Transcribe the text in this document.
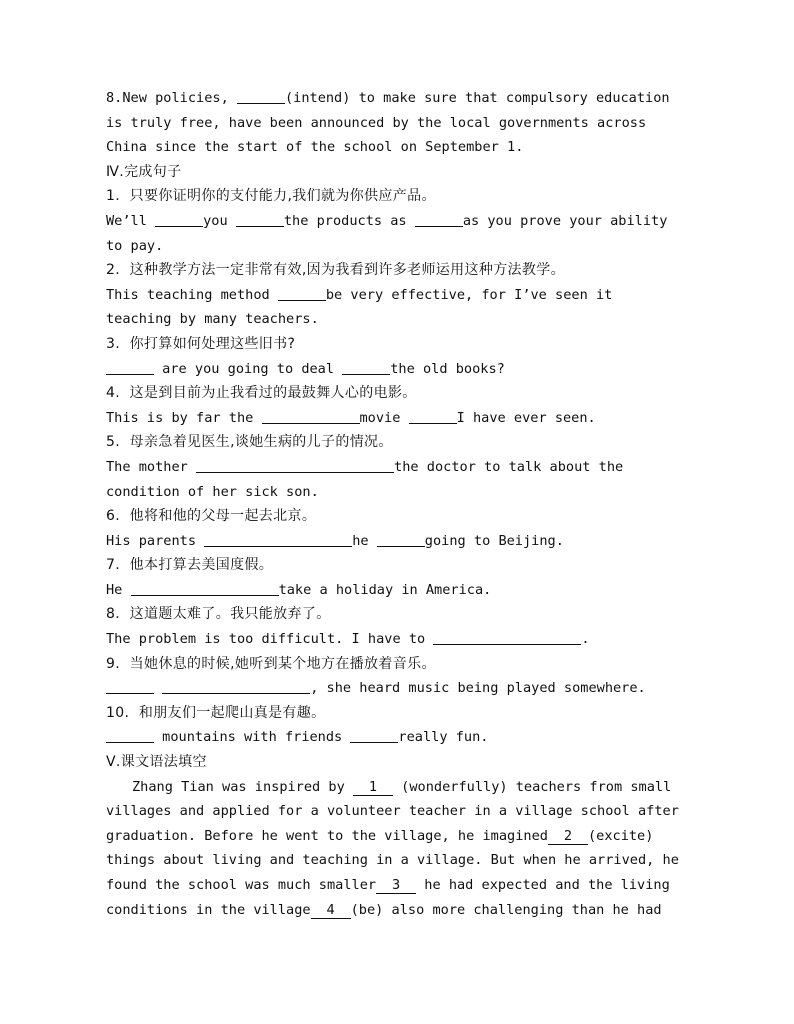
8.New policies,	(intend) to make sure that compulsory education
is truly free, have been announced by the local governments across
China since the start of the school on September 1.
Ⅳ.完成句子
1.  只要你证明你的支付能力,我们就为你供应产品。
We’ll	you	the products as	as you prove your ability
to pay.
2.  这种教学方法一定非常有效,因为我看到许多老师运用这种方法教学。
This teaching method	be very effective, for I’ve seen it
teaching by many teachers.
3.  你打算如何处理这些旧书?
are you going to deal	the old books?
4.  这是到目前为止我看过的最鼓舞人心的电影。
This is by far the	movie	I have ever seen.
5.  母亲急着见医生,谈她生病的儿子的情况。
The mother	the doctor to talk about the
condition of her sick son.
6.  他将和他的父母一起去北京。
His parents	he	going to Beijing.
7.  他本打算去美国度假。
He	take a holiday in America.
8.  这道题太难了。我只能放弃了。
The problem is too difficult. I have to	.
9.  当她休息的时候,她听到某个地方在播放着音乐。
, she heard music being played somewhere.
10.  和朋友们一起爬山真是有趣。
mountains with friends	really fun.
Ⅴ.课文语法填空
Zhang Tian was inspired by 1 (wonderfully) teachers from small
villages and applied for a volunteer teacher in a village school after
graduation. Before he went to the village, he imagined 2 (excite)
things about living and teaching in a village. But when he arrived, he
found the school was much smaller 3 he had expected and the living
conditions in the village 4 (be) also more challenging than he had
